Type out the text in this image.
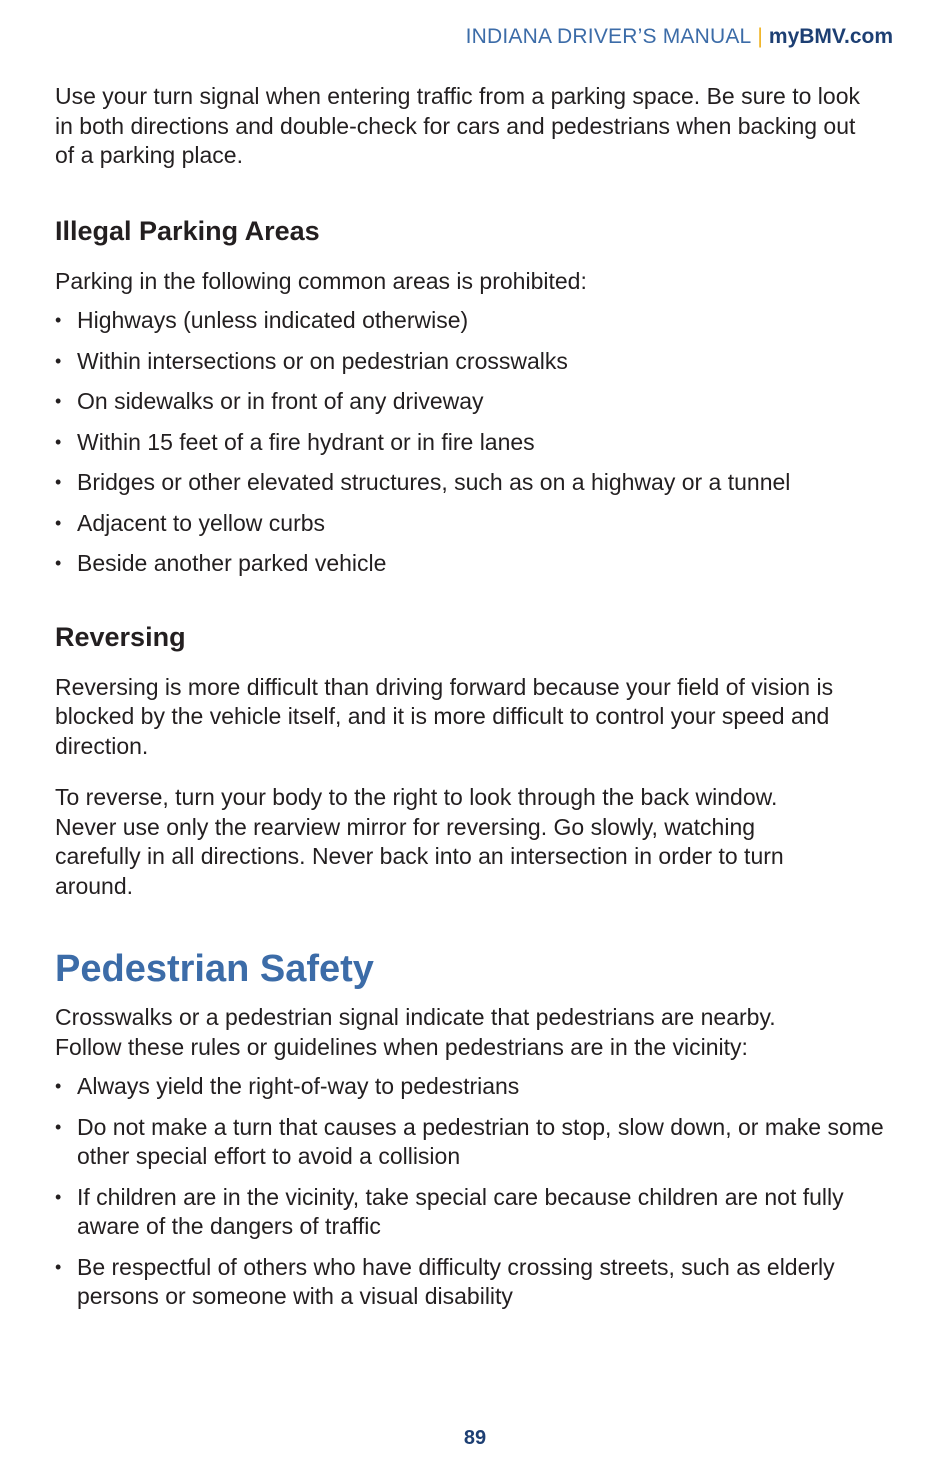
INDIANA DRIVER’S MANUAL | myBMV.com

Use your turn signal when entering traffic from a parking space. Be sure to look in both directions and double-check for cars and pedestrians when backing out of a parking place.

Illegal Parking Areas

Parking in the following common areas is prohibited:

• Highways (unless indicated otherwise)
• Within intersections or on pedestrian crosswalks
• On sidewalks or in front of any driveway
• Within 15 feet of a fire hydrant or in fire lanes
• Bridges or other elevated structures, such as on a highway or a tunnel
• Adjacent to yellow curbs
• Beside another parked vehicle
Reversing

Reversing is more difficult than driving forward because your field of vision is blocked by the vehicle itself, and it is more difficult to control your speed and direction.

To reverse, turn your body to the right to look through the back window. Never use only the rearview mirror for reversing. Go slowly, watching carefully in all directions. Never back into an intersection in order to turn around.

Pedestrian Safety

Crosswalks or a pedestrian signal indicate that pedestrians are nearby. Follow these rules or guidelines when pedestrians are in the vicinity:

• Always yield the right-of-way to pedestrians
• Do not make a turn that causes a pedestrian to stop, slow down, or make some other special effort to avoid a collision
• If children are in the vicinity, take special care because children are not fully aware of the dangers of traffic
• Be respectful of others who have difficulty crossing streets, such as elderly persons or someone with a visual disability
89
